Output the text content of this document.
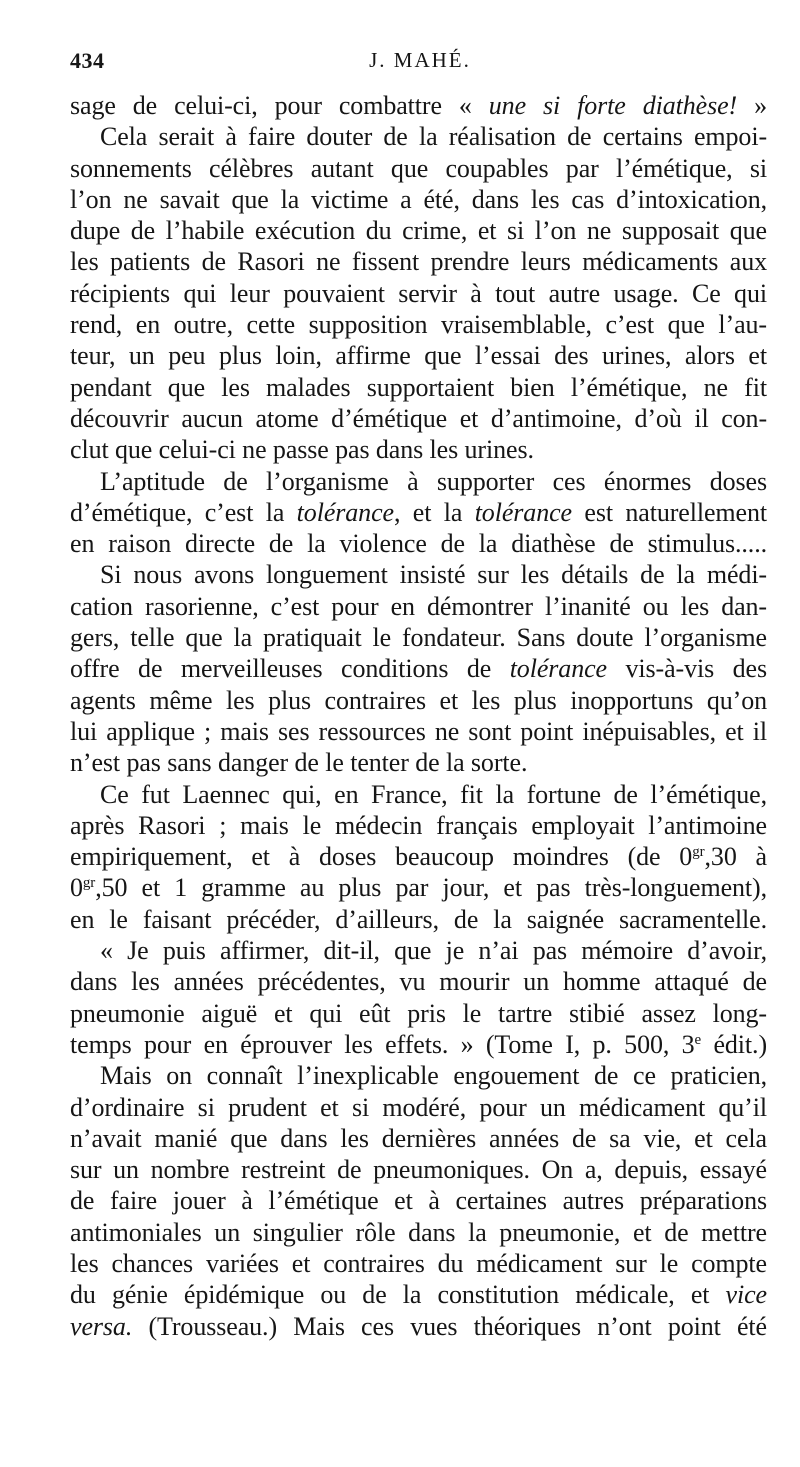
434	J. MAHÉ.
sage de celui-ci, pour combattre « une si forte diathèse! »
Cela serait à faire douter de la réalisation de certains empoi-
sonnements célèbres autant que coupables par l’émétique, si
l’on ne savait que la victime a été, dans les cas d’intoxication,
dupe de l’habile exécution du crime, et si l’on ne supposait que
les patients de Rasori ne fissent prendre leurs médicaments aux
récipients qui leur pouvaient servir à tout autre usage. Ce qui
rend, en outre, cette supposition vraisemblable, c’est que l’au-
teur, un peu plus loin, affirme que l’essai des urines, alors et
pendant que les malades supportaient bien l’émétique, ne fit
découvrir aucun atome d’émétique et d’antimoine, d’où il con-
clut que celui-ci ne passe pas dans les urines.
L’aptitude de l’organisme à supporter ces énormes doses
d’émétique, c’est la tolérance, et la tolérance est naturellement
en raison directe de la violence de la diathèse de stimulus.....
Si nous avons longuement insisté sur les détails de la médi-
cation rasorienne, c’est pour en démontrer l’inanité ou les dan-
gers, telle que la pratiquait le fondateur. Sans doute l’organisme
offre de merveilleuses conditions de tolérance vis-à-vis des
agents même les plus contraires et les plus inopportuns qu’on
lui applique ; mais ses ressources ne sont point inépuisables, et il
n’est pas sans danger de le tenter de la sorte.
Ce fut Laennec qui, en France, fit la fortune de l’émétique,
après Rasori ; mais le médecin français employait l’antimoine
empiriquement, et à doses beaucoup moindres (de $0^{gr},30$ à
$0^{gr},50$ et 1 gramme au plus par jour, et pas très-longuement),
en le faisant précéder, d’ailleurs, de la saignée sacramentelle.
« Je puis affirmer, dit-il, que je n’ai pas mémoire d’avoir,
dans les années précédentes, vu mourir un homme attaqué de
pneumonie aiguë et qui eût pris le tartre stibié assez long-
temps pour en éprouver les effets. » (Tome I, p. 500, 3e édit.)
Mais on connaît l’inexplicable engouement de ce praticien,
d’ordinaire si prudent et si modéré, pour un médicament qu’il
n’avait manié que dans les dernières années de sa vie, et cela
sur un nombre restreint de pneumoniques. On a, depuis, essayé
de faire jouer à l’émétique et à certaines autres préparations
antimoniales un singulier rôle dans la pneumonie, et de mettre
les chances variées et contraires du médicament sur le compte
du génie épidémique ou de la constitution médicale, et vice
versa. (Trousseau.) Mais ces vues théoriques n’ont point été
